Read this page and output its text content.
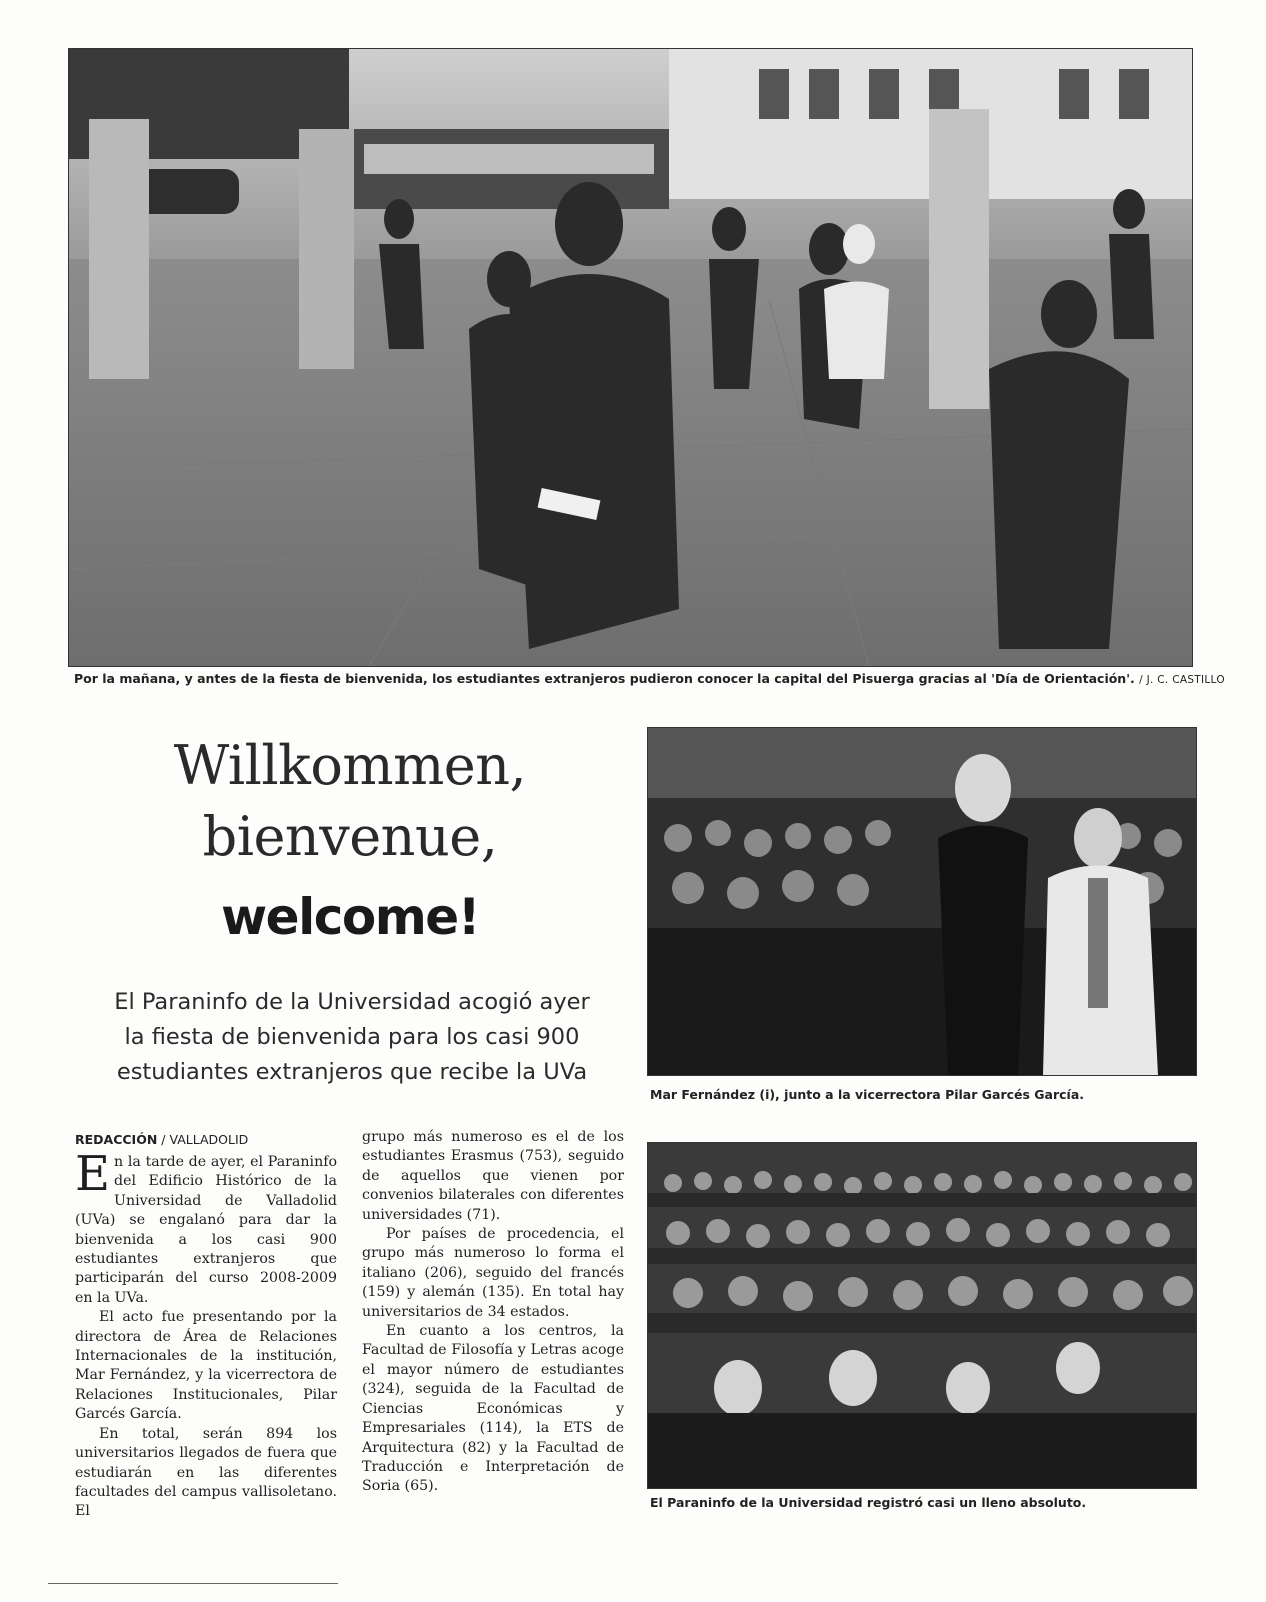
Por la mañana, y antes de la fiesta de bienvenida, los estudiantes extranjeros pudieron conocer la capital del Pisuerga gracias al 'Día de Orientación'. / J. C. CASTILLO
Willkommen,
bienvenue,
welcome!
El Paraninfo de la Universidad acogió ayer
la fiesta de bienvenida para los casi 900
estudiantes extranjeros que recibe la UVa
REDACCIÓN / VALLADOLID

En la tarde de ayer, el Paraninfo del Edificio Histórico de la Universidad de Valladolid (UVa) se engalanó para dar la bienvenida a los casi 900 estudiantes extranjeros que participarán del curso 2008-2009 en la UVa.

El acto fue presentando por la directora de Área de Relaciones Internacionales de la institución, Mar Fernández, y la vicerrectora de Relaciones Institucionales, Pilar Garcés García.

En total, serán 894 los universitarios llegados de fuera que estudiarán en las diferentes facultades del campus vallisoletano. El

grupo más numeroso es el de los estudiantes Erasmus (753), seguido de aquellos que vienen por convenios bilaterales con diferentes universidades (71).

Por países de procedencia, el grupo más numeroso lo forma el italiano (206), seguido del francés (159) y alemán (135). En total hay universitarios de 34 estados.

En cuanto a los centros, la Facultad de Filosofía y Letras acoge el mayor número de estudiantes (324), seguida de la Facultad de Ciencias Económicas y Empresariales (114), la ETS de Arquitectura (82) y la Facultad de Traducción e Interpretación de Soria (65).

Mar Fernández (i), junto a la vicerrectora Pilar Garcés García.
El Paraninfo de la Universidad registró casi un lleno absoluto.
